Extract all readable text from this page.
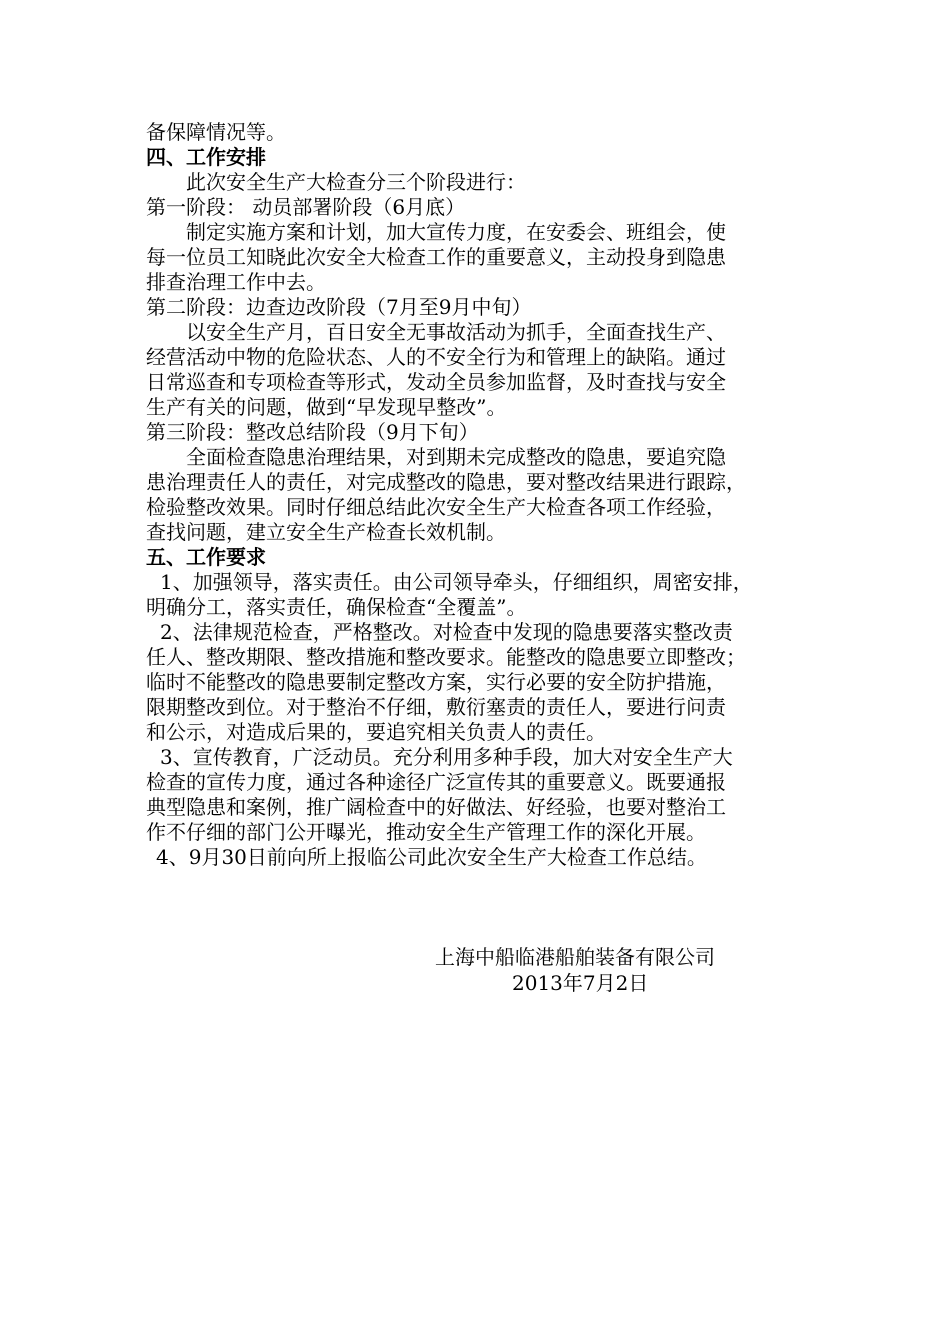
备保障情况等。
四、工作安排
此次安全生产大检查分三个阶段进行：
第一阶段： 动员部署阶段（6月底）
制定实施方案和计划，加大宣传力度，在安委会、班组会，使
每一位员工知晓此次安全大检查工作的重要意义，主动投身到隐患
排查治理工作中去。
第二阶段：边查边改阶段（7月至9月中旬）
以安全生产月，百日安全无事故活动为抓手，全面查找生产、
经营活动中物的危险状态、人的不安全行为和管理上的缺陷。通过
日常巡查和专项检查等形式，发动全员参加监督，及时查找与安全
生产有关的问题，做到“早发现早整改”。
第三阶段：整改总结阶段（9月下旬）
全面检查隐患治理结果，对到期未完成整改的隐患，要追究隐
患治理责任人的责任，对完成整改的隐患，要对整改结果进行跟踪，
检验整改效果。同时仔细总结此次安全生产大检查各项工作经验，
查找问题，建立安全生产检查长效机制。
五、工作要求
1、加强领导，落实责任。由公司领导牵头，仔细组织，周密安排，
明确分工，落实责任，确保检查“全覆盖”。
2、法律规范检查，严格整改。对检查中发现的隐患要落实整改责
任人、整改期限、整改措施和整改要求。能整改的隐患要立即整改；
临时不能整改的隐患要制定整改方案，实行必要的安全防护措施，
限期整改到位。对于整治不仔细，敷衍塞责的责任人，要进行问责
和公示，对造成后果的，要追究相关负责人的责任。
3、宣传教育，广泛动员。充分利用多种手段，加大对安全生产大
检查的宣传力度，通过各种途径广泛宣传其的重要意义。既要通报
典型隐患和案例，推广阔检查中的好做法、好经验，也要对整治工
作不仔细的部门公开曝光，推动安全生产管理工作的深化开展。
4、9月30日前向所上报临公司此次安全生产大检查工作总结。
上海中船临港船舶装备有限公司
2013年7月2日
